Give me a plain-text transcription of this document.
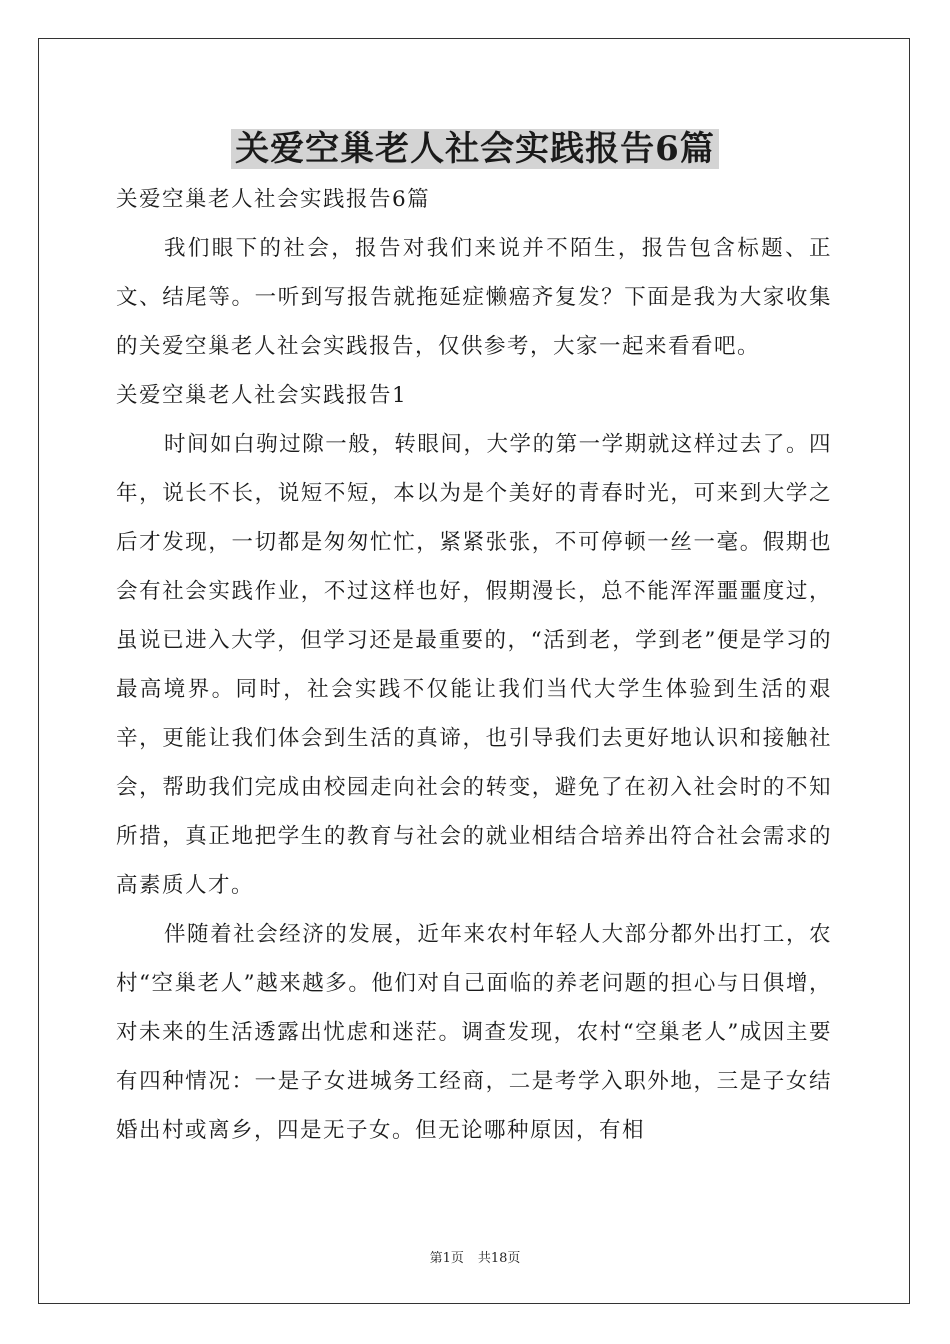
关爱空巢老人社会实践报告6篇

关爱空巢老人社会实践报告6篇

我们眼下的社会，报告对我们来说并不陌生，报告包含标题、正文、结尾等。一听到写报告就拖延症懒癌齐复发？下面是我为大家收集的关爱空巢老人社会实践报告，仅供参考，大家一起来看看吧。

关爱空巢老人社会实践报告1

时间如白驹过隙一般，转眼间，大学的第一学期就这样过去了。四年，说长不长，说短不短，本以为是个美好的青春时光，可来到大学之后才发现，一切都是匆匆忙忙，紧紧张张，不可停顿一丝一毫。假期也会有社会实践作业，不过这样也好，假期漫长，总不能浑浑噩噩度过，虽说已进入大学，但学习还是最重要的，“活到老，学到老”便是学习的最高境界。同时，社会实践不仅能让我们当代大学生体验到生活的艰辛，更能让我们体会到生活的真谛，也引导我们去更好地认识和接触社会，帮助我们完成由校园走向社会的转变，避免了在初入社会时的不知所措，真正地把学生的教育与社会的就业相结合培养出符合社会需求的高素质人才。

伴随着社会经济的发展，近年来农村年轻人大部分都外出打工，农村“空巢老人”越来越多。他们对自己面临的养老问题的担心与日俱增，对未来的生活透露出忧虑和迷茫。调查发现，农村“空巢老人”成因主要有四种情况：一是子女进城务工经商，二是考学入职外地，三是子女结婚出村或离乡，四是无子女。但无论哪种原因，有相

第1页 共18页
